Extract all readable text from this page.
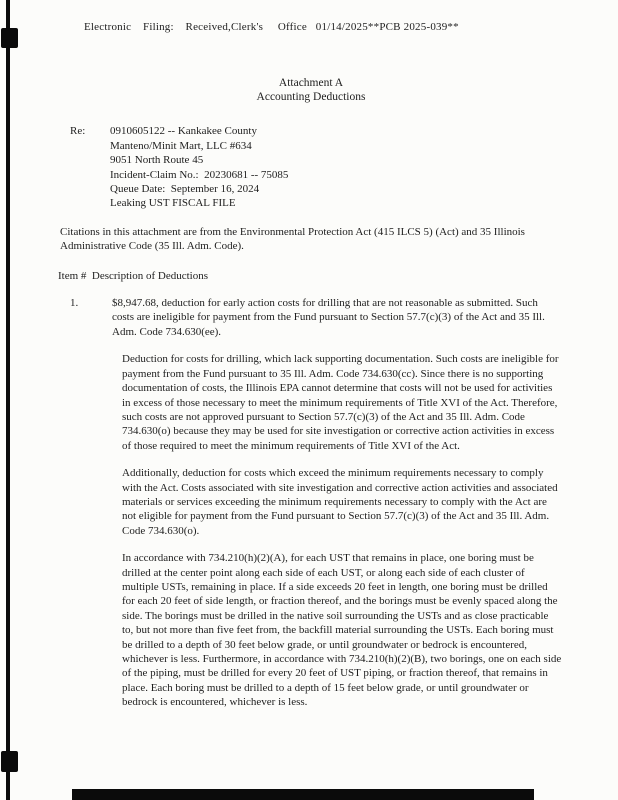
Electronic    Filing:    Received,Clerk's     Office   01/14/2025**PCB 2025-039**
Attachment A
Accounting Deductions
Re:	0910605122 -- Kankakee County
Manteno/Minit Mart, LLC #634
9051 North Route 45
Incident-Claim No.:  20230681 -- 75085
Queue Date:  September 16, 2024
Leaking UST FISCAL FILE

Citations in this attachment are from the Environmental Protection Act (415 ILCS 5) (Act) and 35 Illinois Administrative Code (35 Ill. Adm. Code).

Item #  Description of Deductions
1.	$8,947.68, deduction for early action costs for drilling that are not reasonable as submitted. Such costs are ineligible for payment from the Fund pursuant to Section 57.7(c)(3) of the Act and 35 Ill. Adm. Code 734.630(ee).

Deduction for costs for drilling, which lack supporting documentation. Such costs are ineligible for payment from the Fund pursuant to 35 Ill. Adm. Code 734.630(cc). Since there is no supporting documentation of costs, the Illinois EPA cannot determine that costs will not be used for activities in excess of those necessary to meet the minimum requirements of Title XVI of the Act. Therefore, such costs are not approved pursuant to Section 57.7(c)(3) of the Act and 35 Ill. Adm. Code 734.630(o) because they may be used for site investigation or corrective action activities in excess of those required to meet the minimum requirements of Title XVI of the Act.

Additionally, deduction for costs which exceed the minimum requirements necessary to comply with the Act. Costs associated with site investigation and corrective action activities and associated materials or services exceeding the minimum requirements necessary to comply with the Act are not eligible for payment from the Fund pursuant to Section 57.7(c)(3) of the Act and 35 Ill. Adm. Code 734.630(o).

In accordance with 734.210(h)(2)(A), for each UST that remains in place, one boring must be drilled at the center point along each side of each UST, or along each side of each cluster of multiple USTs, remaining in place. If a side exceeds 20 feet in length, one boring must be drilled for each 20 feet of side length, or fraction thereof, and the borings must be evenly spaced along the side. The borings must be drilled in the native soil surrounding the USTs and as close practicable to, but not more than five feet from, the backfill material surrounding the USTs. Each boring must be drilled to a depth of 30 feet below grade, or until groundwater or bedrock is encountered, whichever is less. Furthermore, in accordance with 734.210(h)(2)(B), two borings, one on each side of the piping, must be drilled for every 20 feet of UST piping, or fraction thereof, that remains in place. Each boring must be drilled to a depth of 15 feet below grade, or until groundwater or bedrock is encountered, whichever is less.
